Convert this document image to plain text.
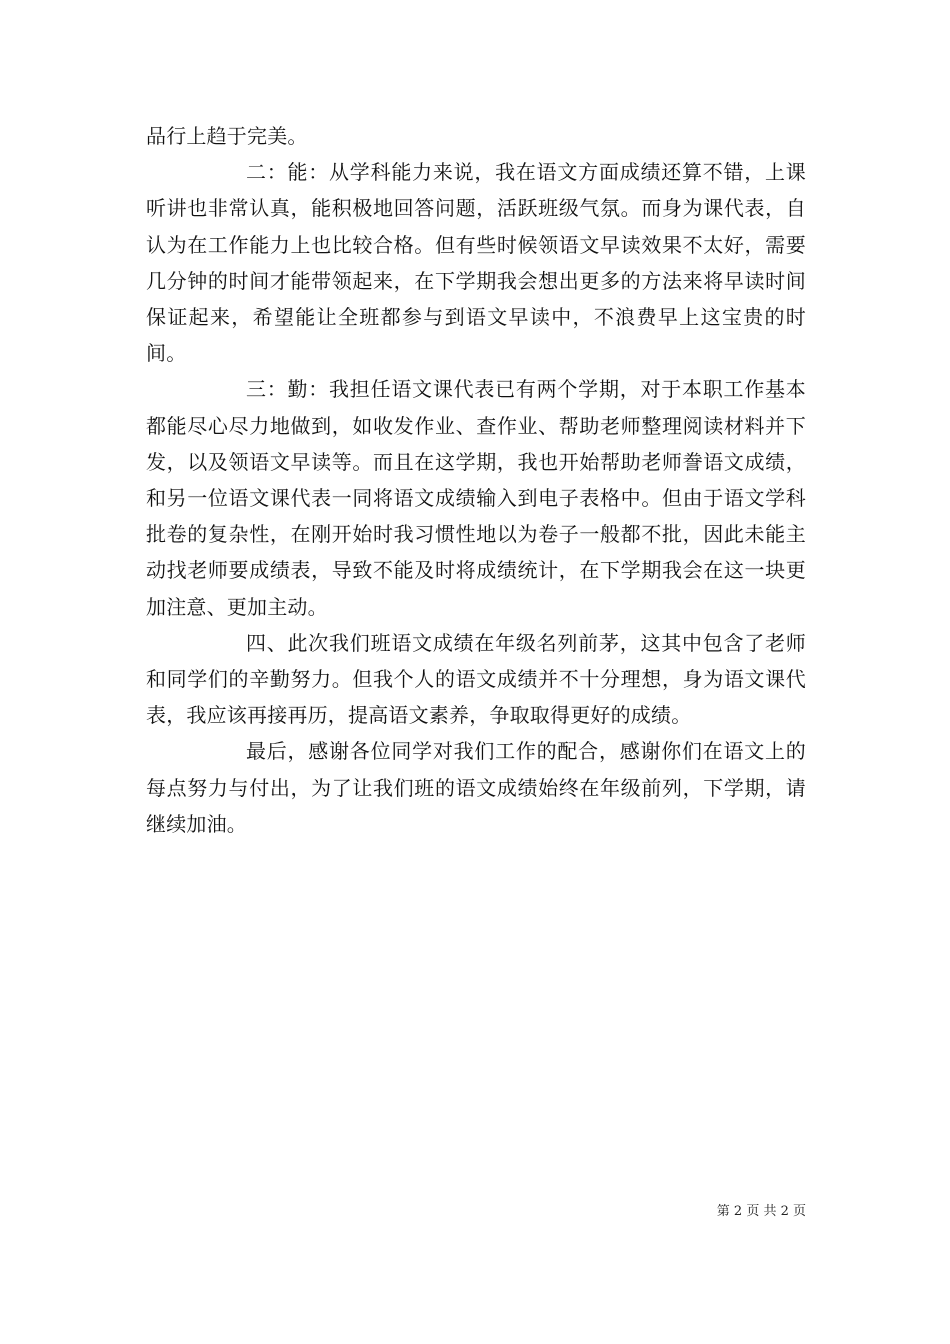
品行上趋于完美。

二：能：从学科能力来说，我在语文方面成绩还算不错，上课听讲也非常认真，能积极地回答问题，活跃班级气氛。而身为课代表，自认为在工作能力上也比较合格。但有些时候领语文早读效果不太好，需要几分钟的时间才能带领起来，在下学期我会想出更多的方法来将早读时间保证起来，希望能让全班都参与到语文早读中，不浪费早上这宝贵的时间。

三：勤：我担任语文课代表已有两个学期，对于本职工作基本都能尽心尽力地做到，如收发作业、查作业、帮助老师整理阅读材料并下发，以及领语文早读等。而且在这学期，我也开始帮助老师誊语文成绩，和另一位语文课代表一同将语文成绩输入到电子表格中。但由于语文学科批卷的复杂性，在刚开始时我习惯性地以为卷子一般都不批，因此未能主动找老师要成绩表，导致不能及时将成绩统计，在下学期我会在这一块更加注意、更加主动。

四、此次我们班语文成绩在年级名列前茅，这其中包含了老师和同学们的辛勤努力。但我个人的语文成绩并不十分理想，身为语文课代表，我应该再接再历，提高语文素养，争取取得更好的成绩。

最后，感谢各位同学对我们工作的配合，感谢你们在语文上的每点努力与付出，为了让我们班的语文成绩始终在年级前列，下学期，请继续加油。

第 2 页 共 2 页
